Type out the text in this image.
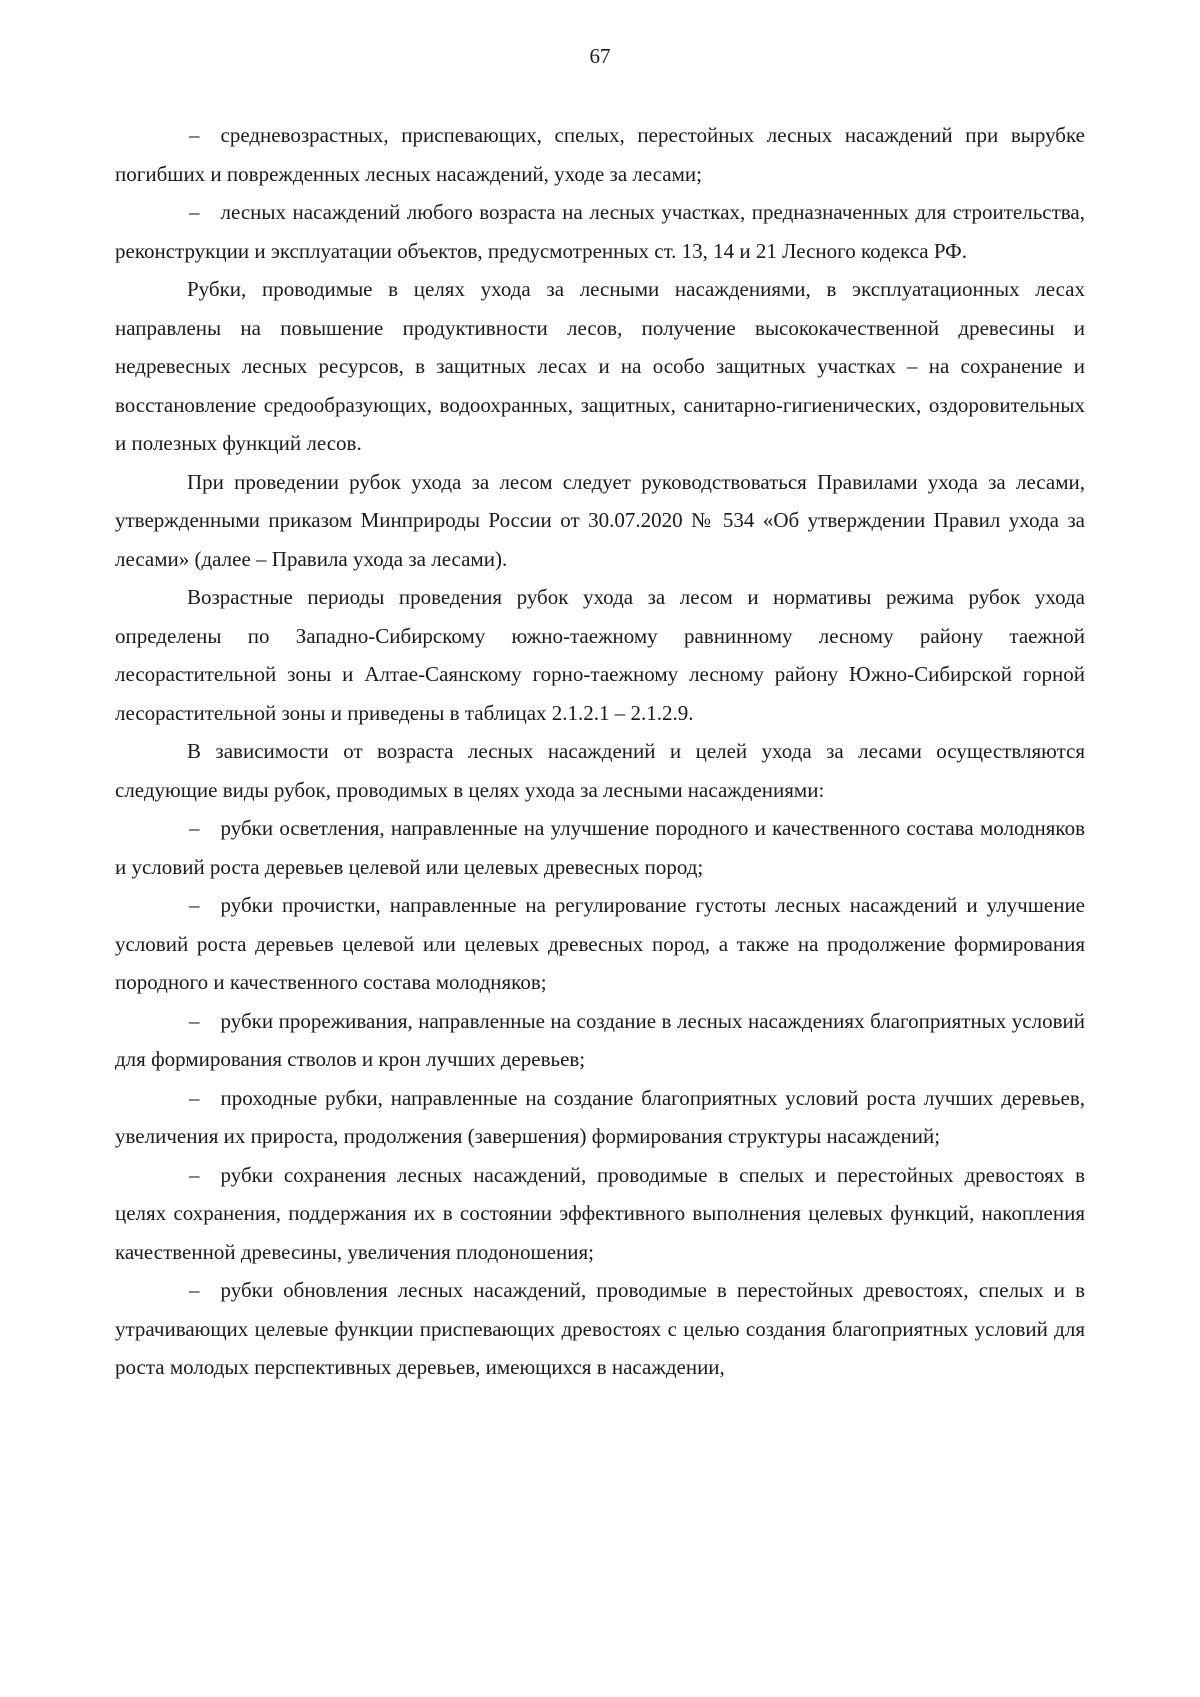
67

– средневозрастных, приспевающих, спелых, перестойных лесных насаждений при вырубке погибших и поврежденных лесных насаждений, уходе за лесами;

– лесных насаждений любого возраста на лесных участках, предназначенных для строительства, реконструкции и эксплуатации объектов, предусмотренных ст. 13, 14 и 21 Лесного кодекса РФ.

Рубки, проводимые в целях ухода за лесными насаждениями, в эксплуатационных лесах направлены на повышение продуктивности лесов, получение высококачественной древесины и недревесных лесных ресурсов, в защитных лесах и на особо защитных участках – на сохранение и восстановление средообразующих, водоохранных, защитных, санитарно-гигиенических, оздоровительных и полезных функций лесов.

При проведении рубок ухода за лесом следует руководствоваться Правилами ухода за лесами, утвержденными приказом Минприроды России от 30.07.2020 № 534 «Об утверждении Правил ухода за лесами» (далее – Правила ухода за лесами).

Возрастные периоды проведения рубок ухода за лесом и нормативы режима рубок ухода определены по Западно-Сибирскому южно-таежному равнинному лесному району таежной лесорастительной зоны и Алтае-Саянскому горно-таежному лесному району Южно-Сибирской горной лесорастительной зоны и приведены в таблицах 2.1.2.1 – 2.1.2.9.

В зависимости от возраста лесных насаждений и целей ухода за лесами осуществляются следующие виды рубок, проводимых в целях ухода за лесными насаждениями:

– рубки осветления, направленные на улучшение породного и качественного состава молодняков и условий роста деревьев целевой или целевых древесных пород;

– рубки прочистки, направленные на регулирование густоты лесных насаждений и улучшение условий роста деревьев целевой или целевых древесных пород, а также на продолжение формирования породного и качественного состава молодняков;

– рубки прореживания, направленные на создание в лесных насаждениях благоприятных условий для формирования стволов и крон лучших деревьев;

– проходные рубки, направленные на создание благоприятных условий роста лучших деревьев, увеличения их прироста, продолжения (завершения) формирования структуры насаждений;

– рубки сохранения лесных насаждений, проводимые в спелых и перестойных древостоях в целях сохранения, поддержания их в состоянии эффективного выполнения целевых функций, накопления качественной древесины, увеличения плодоношения;

– рубки обновления лесных насаждений, проводимые в перестойных древостоях, спелых и в утрачивающих целевые функции приспевающих древостоях с целью создания благоприятных условий для роста молодых перспективных деревьев, имеющихся в насаждении,
